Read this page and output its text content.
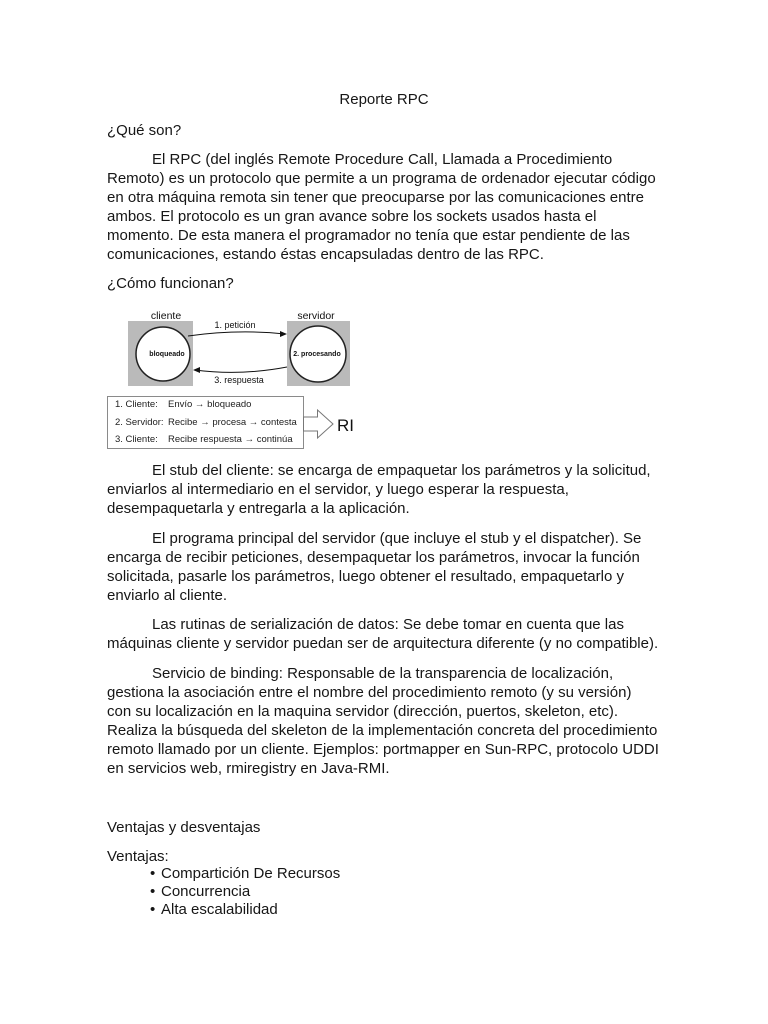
Reporte RPC
¿Qué son?
El RPC (del inglés Remote Procedure Call, Llamada a Procedimiento
Remoto) es un protocolo que permite a un programa de ordenador ejecutar código
en otra máquina remota sin tener que preocuparse por las comunicaciones entre
ambos. El protocolo es un gran avance sobre los sockets usados hasta el
momento. De esta manera el programador no tenía que estar pendiente de las
comunicaciones, estando éstas encapsuladas dentro de las RPC.
¿Cómo funcionan?
cliente
bloqueado
servidor
2. procesando
1. petición
3. respuesta
1. Cliente: Envío → bloqueado
2. Servidor: Recibe → procesa → contesta
3. Cliente: Recibe respuesta → continúa
RI
El stub del cliente: se encarga de empaquetar los parámetros y la solicitud,
enviarlos al intermediario en el servidor, y luego esperar la respuesta,
desempaquetarla y entregarla a la aplicación.
El programa principal del servidor (que incluye el stub y el dispatcher). Se
encarga de recibir peticiones, desempaquetar los parámetros, invocar la función
solicitada, pasarle los parámetros, luego obtener el resultado, empaquetarlo y
enviarlo al cliente.
Las rutinas de serialización de datos: Se debe tomar en cuenta que las
máquinas cliente y servidor puedan ser de arquitectura diferente (y no compatible).
Servicio de binding: Responsable de la transparencia de localización,
gestiona la asociación entre el nombre del procedimiento remoto (y su versión)
con su localización en la maquina servidor (dirección, puertos, skeleton, etc).
Realiza la búsqueda del skeleton de la implementación concreta del procedimiento
remoto llamado por un cliente. Ejemplos: portmapper en Sun-RPC, protocolo UDDI
en servicios web, rmiregistry en Java-RMI.
Ventajas y desventajas
Ventajas:
• Compartición De Recursos
• Concurrencia
• Alta escalabilidad
